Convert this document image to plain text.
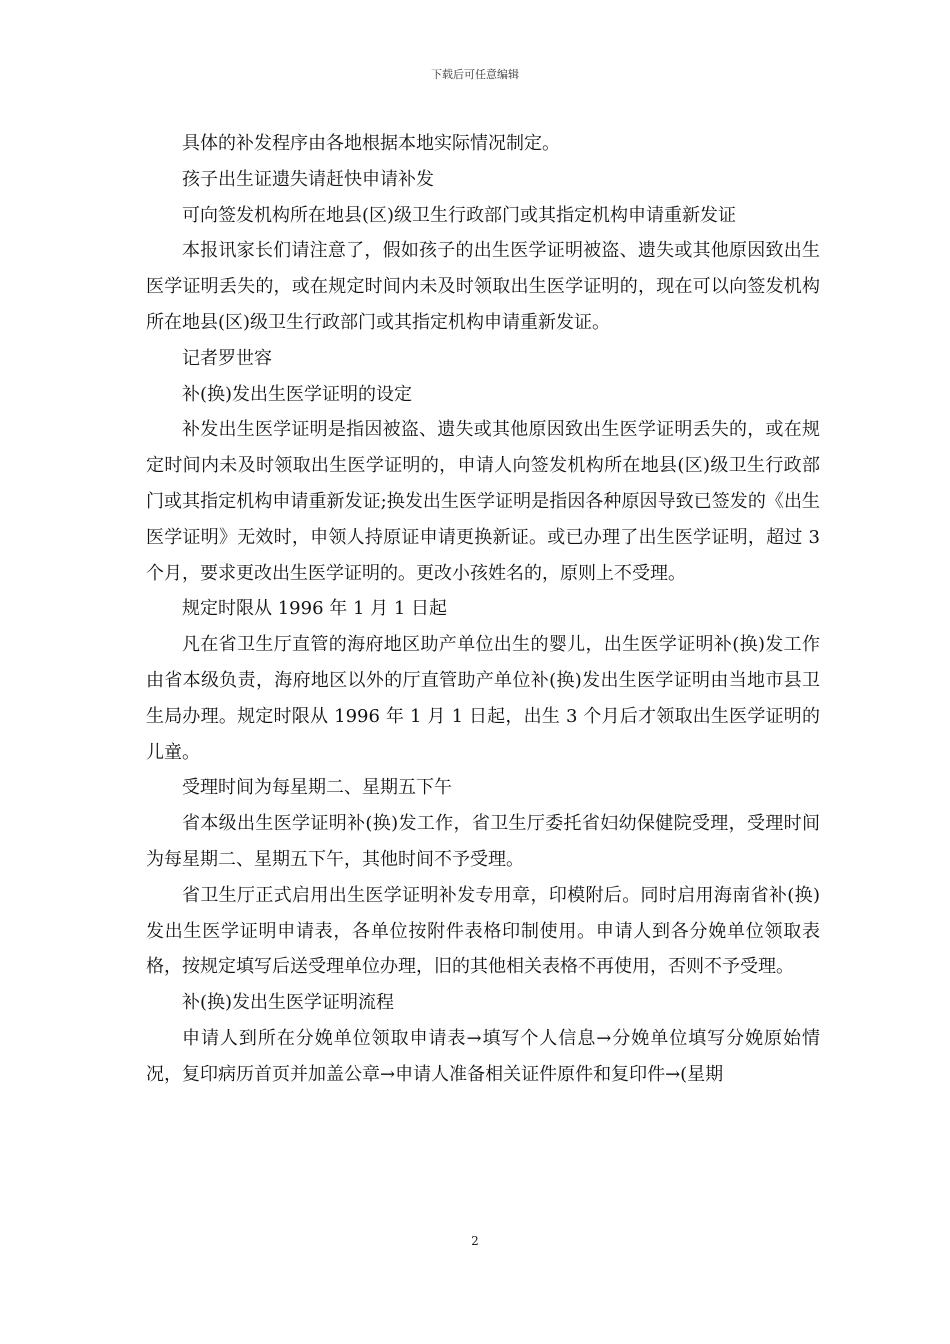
下载后可任意编辑

具体的补发程序由各地根据本地实际情况制定。

孩子出生证遗失请赶快申请补发

可向签发机构所在地县(区)级卫生行政部门或其指定机构申请重新发证

本报讯家长们请注意了，假如孩子的出生医学证明被盗、遗失或其他原因致出生医学证明丢失的，或在规定时间内未及时领取出生医学证明的，现在可以向签发机构所在地县(区)级卫生行政部门或其指定机构申请重新发证。

记者罗世容

补(换)发出生医学证明的设定

补发出生医学证明是指因被盗、遗失或其他原因致出生医学证明丢失的，或在规定时间内未及时领取出生医学证明的，申请人向签发机构所在地县(区)级卫生行政部门或其指定机构申请重新发证;换发出生医学证明是指因各种原因导致已签发的《出生医学证明》无效时，申领人持原证申请更换新证。或已办理了出生医学证明，超过 3 个月，要求更改出生医学证明的。更改小孩姓名的，原则上不受理。

规定时限从 1996 年 1 月 1 日起

凡在省卫生厅直管的海府地区助产单位出生的婴儿，出生医学证明补(换)发工作由省本级负责，海府地区以外的厅直管助产单位补(换)发出生医学证明由当地市县卫生局办理。规定时限从 1996 年 1 月 1 日起，出生 3 个月后才领取出生医学证明的儿童。

受理时间为每星期二、星期五下午

省本级出生医学证明补(换)发工作，省卫生厅委托省妇幼保健院受理，受理时间为每星期二、星期五下午，其他时间不予受理。

省卫生厅正式启用出生医学证明补发专用章，印模附后。同时启用海南省补(换)发出生医学证明申请表，各单位按附件表格印制使用。申请人到各分娩单位领取表格，按规定填写后送受理单位办理，旧的其他相关表格不再使用，否则不予受理。

补(换)发出生医学证明流程

申请人到所在分娩单位领取申请表→填写个人信息→分娩单位填写分娩原始情况，复印病历首页并加盖公章→申请人准备相关证件原件和复印件→(星期

2
